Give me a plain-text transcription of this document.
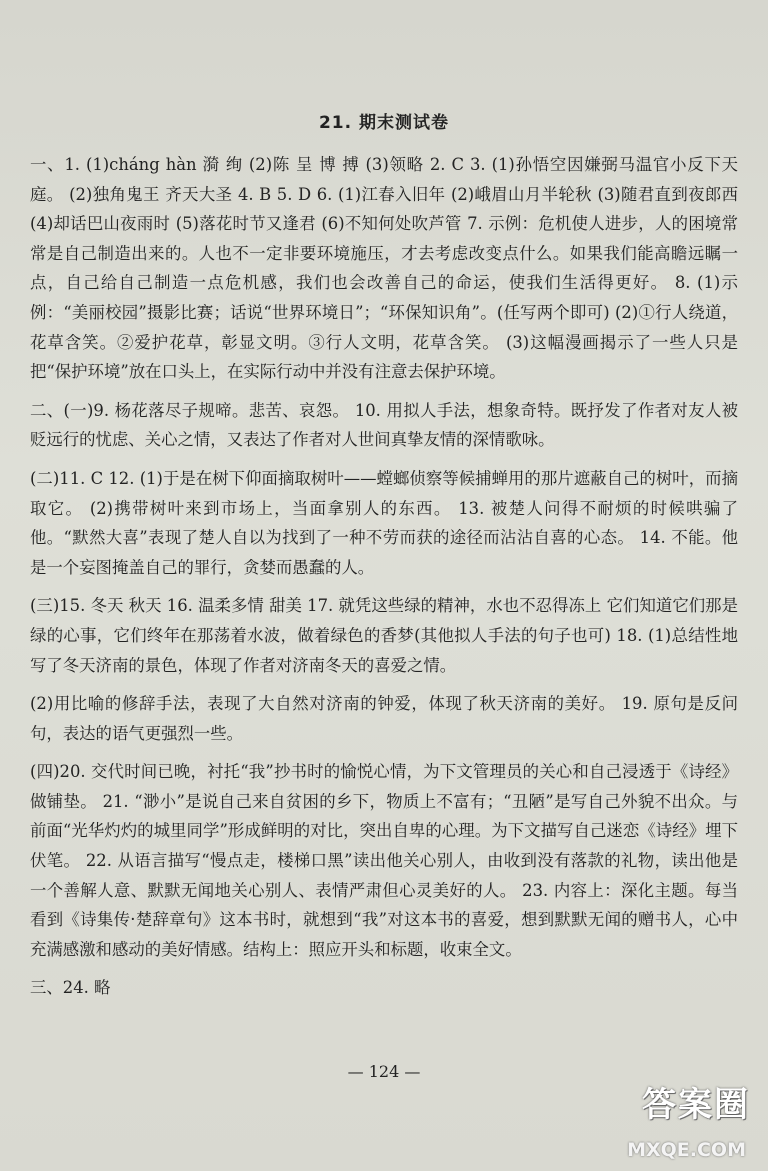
21. 期末测试卷

一、1. (1)cháng hàn 漪 绚 (2)陈 呈 博 搏 (3)领略 2. C 3. (1)孙悟空因嫌弼马温官小反下天庭。 (2)独角鬼王 齐天大圣 4. B 5. D 6. (1)江春入旧年 (2)峨眉山月半轮秋 (3)随君直到夜郎西 (4)却话巴山夜雨时 (5)落花时节又逢君 (6)不知何处吹芦管 7. 示例：危机使人进步，人的困境常常是自己制造出来的。人也不一定非要环境施压，才去考虑改变点什么。如果我们能高瞻远瞩一点，自己给自己制造一点危机感，我们也会改善自己的命运，使我们生活得更好。 8. (1)示例：“美丽校园”摄影比赛；话说“世界环境日”；“环保知识角”。(任写两个即可) (2)①行人绕道，花草含笑。②爱护花草，彰显文明。③行人文明，花草含笑。 (3)这幅漫画揭示了一些人只是把“保护环境”放在口头上，在实际行动中并没有注意去保护环境。

二、(一)9. 杨花落尽子规啼。悲苦、哀怨。 10. 用拟人手法，想象奇特。既抒发了作者对友人被贬远行的忧虑、关心之情，又表达了作者对人世间真挚友情的深情歌咏。

(二)11. C 12. (1)于是在树下仰面摘取树叶——螳螂侦察等候捕蝉用的那片遮蔽自己的树叶，而摘取它。 (2)携带树叶来到市场上，当面拿别人的东西。 13. 被楚人问得不耐烦的时候哄骗了他。“默然大喜”表现了楚人自以为找到了一种不劳而获的途径而沾沾自喜的心态。 14. 不能。他是一个妄图掩盖自己的罪行，贪婪而愚蠢的人。

(三)15. 冬天 秋天 16. 温柔多情 甜美 17. 就凭这些绿的精神，水也不忍得冻上 它们知道它们那是绿的心事，它们终年在那荡着水波，做着绿色的香梦(其他拟人手法的句子也可) 18. (1)总结性地写了冬天济南的景色，体现了作者对济南冬天的喜爱之情。

(2)用比喻的修辞手法，表现了大自然对济南的钟爱，体现了秋天济南的美好。 19. 原句是反问句，表达的语气更强烈一些。

(四)20. 交代时间已晚，衬托“我”抄书时的愉悦心情，为下文管理员的关心和自己浸透于《诗经》做铺垫。 21. “渺小”是说自己来自贫困的乡下，物质上不富有；“丑陋”是写自己外貌不出众。与前面“光华灼灼的城里同学”形成鲜明的对比，突出自卑的心理。为下文描写自己迷恋《诗经》埋下伏笔。 22. 从语言描写“慢点走，楼梯口黑”读出他关心别人，由收到没有落款的礼物，读出他是一个善解人意、默默无闻地关心别人、表情严肃但心灵美好的人。 23. 内容上：深化主题。每当看到《诗集传·楚辞章句》这本书时，就想到“我”对这本书的喜爱，想到默默无闻的赠书人，心中充满感激和感动的美好情感。结构上：照应开头和标题，收束全文。

三、24. 略

— 124 —
答案圈
MXQE.COM
